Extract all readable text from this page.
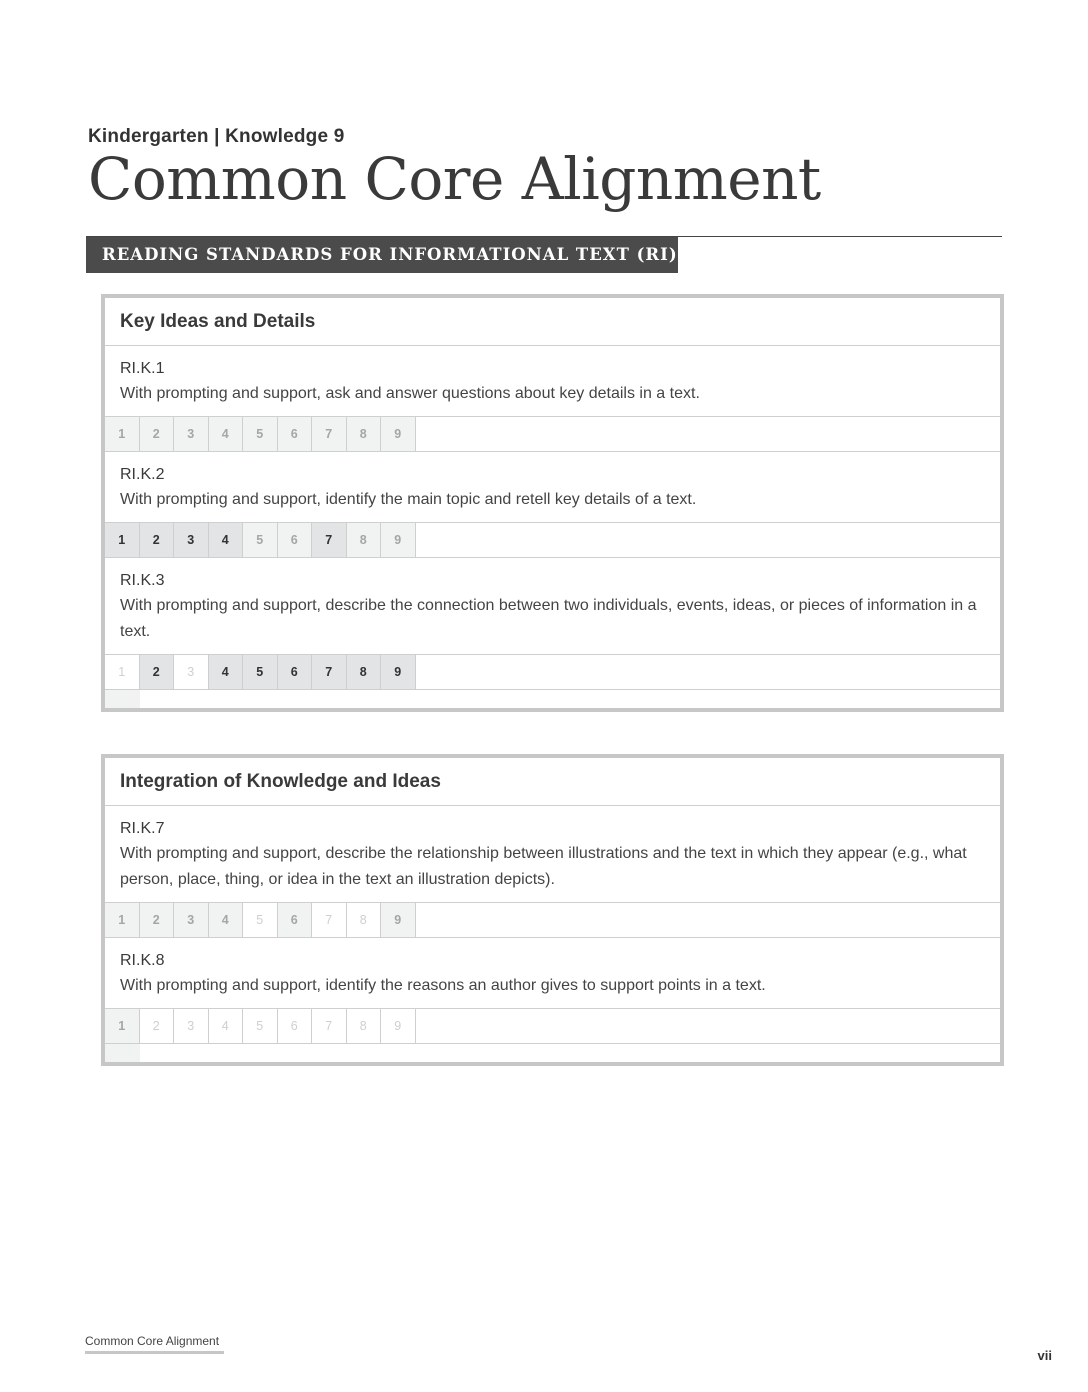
Kindergarten | Knowledge 9
Common Core Alignment
READING STANDARDS FOR INFORMATIONAL TEXT (RI)
Key Ideas and Details
RI.K.1
With prompting and support, ask and answer questions about key details in a text.
1	2	3	4	5	6	7	8	9
RI.K.2
With prompting and support, identify the main topic and retell key details of a text.
1	2	3	4	5	6	7	8	9
RI.K.3
With prompting and support, describe the connection between two individuals, events, ideas, or pieces of information in a text.
1	2	3	4	5	6	7	8	9
Integration of Knowledge and Ideas
RI.K.7
With prompting and support, describe the relationship between illustrations and the text in which they appear (e.g., what person, place, thing, or idea in the text an illustration depicts).
1	2	3	4	5	6	7	8	9
RI.K.8
With prompting and support, identify the reasons an author gives to support points in a text.
1	2	3	4	5	6	7	8	9
Common Core Alignment
vii
